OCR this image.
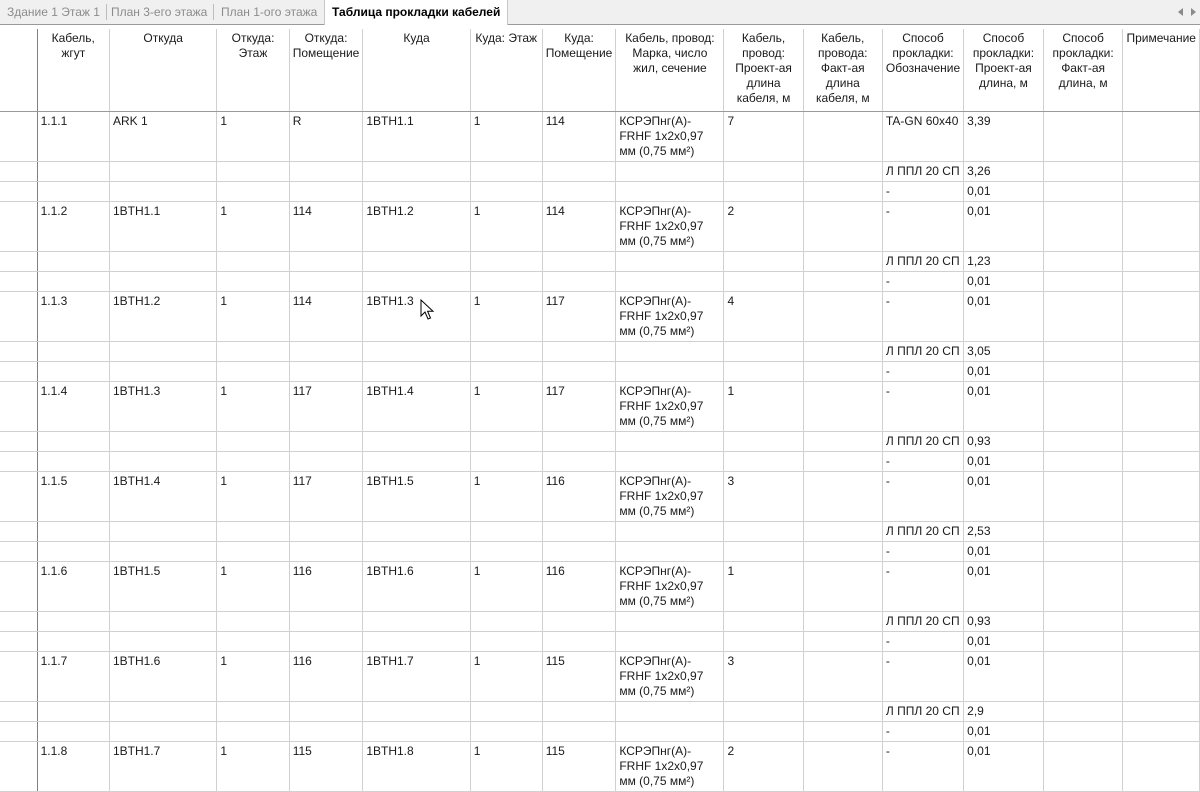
Здание 1 Этаж 1 План 3-его этажа	План 1-ого этажа	Таблица прокладки кабелей
	Кабель, жгут	Откуда	Откуда: Этаж	Откуда: Помещение	Куда	Куда: Этаж	Куда: Помещение	Кабель, провод: Марка, число жил, сечение	Кабель, провод: Проект-ая длина кабеля, м	Кабель, провода: Факт-ая длина кабеля, м	Способ прокладки: Обозначение	Способ прокладки: Проект-ая длина, м	Способ прокладки: Факт-ая длина, м	Примечание
	1.1.1	ARK 1	1	R	1BTH1.1	1	114	КСРЭПнг(А)-FRHF 1x2x0,97 мм (0,75 мм²)	7		TA-GN 60x40	3,39		
											Л ППЛ 20 СП	3,26		
											-	0,01		
	1.1.2	1BTH1.1	1	114	1BTH1.2	1	114	КСРЭПнг(А)-FRHF 1x2x0,97 мм (0,75 мм²)	2		-	0,01		
											Л ППЛ 20 СП	1,23		
											-	0,01		
	1.1.3	1BTH1.2	1	114	1BTH1.3	1	117	КСРЭПнг(А)-FRHF 1x2x0,97 мм (0,75 мм²)	4		-	0,01		
											Л ППЛ 20 СП	3,05		
											-	0,01		
	1.1.4	1BTH1.3	1	117	1BTH1.4	1	117	КСРЭПнг(А)-FRHF 1x2x0,97 мм (0,75 мм²)	1		-	0,01		
											Л ППЛ 20 СП	0,93		
											-	0,01		
	1.1.5	1BTH1.4	1	117	1BTH1.5	1	116	КСРЭПнг(А)-FRHF 1x2x0,97 мм (0,75 мм²)	3		-	0,01		
											Л ППЛ 20 СП	2,53		
											-	0,01		
	1.1.6	1BTH1.5	1	116	1BTH1.6	1	116	КСРЭПнг(А)-FRHF 1x2x0,97 мм (0,75 мм²)	1		-	0,01		
											Л ППЛ 20 СП	0,93		
											-	0,01		
	1.1.7	1BTH1.6	1	116	1BTH1.7	1	115	КСРЭПнг(А)-FRHF 1x2x0,97 мм (0,75 мм²)	3		-	0,01		
											Л ППЛ 20 СП	2,9		
											-	0,01		
	1.1.8	1BTH1.7	1	115	1BTH1.8	1	115	КСРЭПнг(А)-FRHF 1x2x0,97 мм (0,75 мм²)	2		-	0,01		
